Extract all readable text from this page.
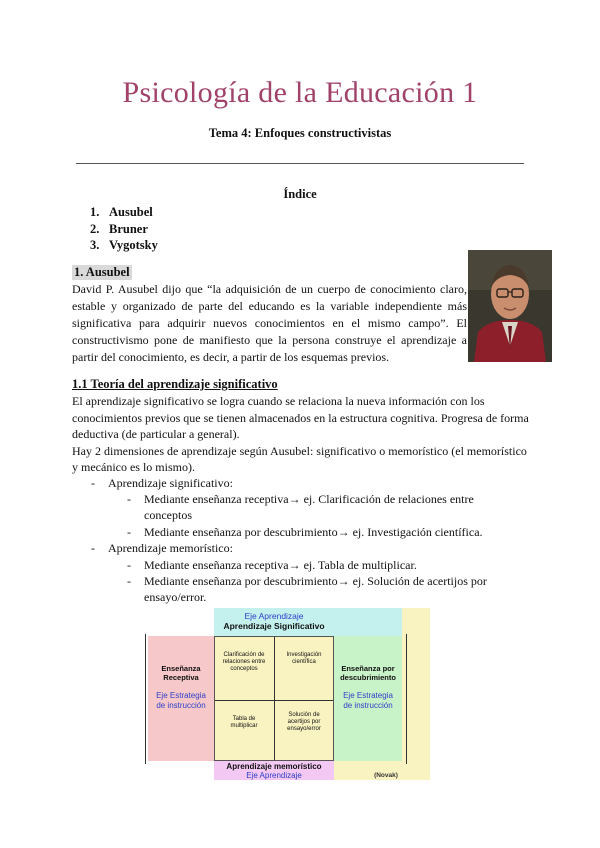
Psicología de la Educación 1
Tema 4: Enfoques constructivistas
Índice
1. Ausubel
2. Bruner
3. Vygotsky
1. Ausubel
David P. Ausubel dijo que “la adquisición de un cuerpo de conocimiento claro, estable y organizado de parte del educando es la variable independiente más significativa para adquirir nuevos conocimientos en el mismo campo”. El constructivismo pone de manifiesto que la persona construye el aprendizaje a partir del conocimiento, es decir, a partir de los esquemas previos.
1.1 Teoría del aprendizaje significativo
El aprendizaje significativo se logra cuando se relaciona la nueva información con los conocimientos previos que se tienen almacenados en la estructura cognitiva. Progresa de forma deductiva (de particular a general).
Hay 2 dimensiones de aprendizaje según Ausubel: significativo o memorístico (el memorístico y mecánico es lo mismo).
- Aprendizaje significativo:
- Mediante enseñanza receptiva→ ej. Clarificación de relaciones entre
conceptos
- Mediante enseñanza por descubrimiento→ ej. Investigación científica.
- Aprendizaje memorístico:
- Mediante enseñanza receptiva→ ej. Tabla de multiplicar.
- Mediante enseñanza por descubrimiento→ ej. Solución de acertijos por
ensayo/error.
Eje Aprendizaje
Aprendizaje Significativo
Enseñanza
Receptiva
Eje Estrategia
de instrucción
Enseñanza por
descubrimiento
Eje Estrategia
de instrucción
Clarificación de
relaciones entre
conceptos
Investigación
científica
Tabla de
multiplicar
Solución de
acertijos por
ensayo/error
Aprendizaje memorístico
Eje Aprendizaje	(Novak)
